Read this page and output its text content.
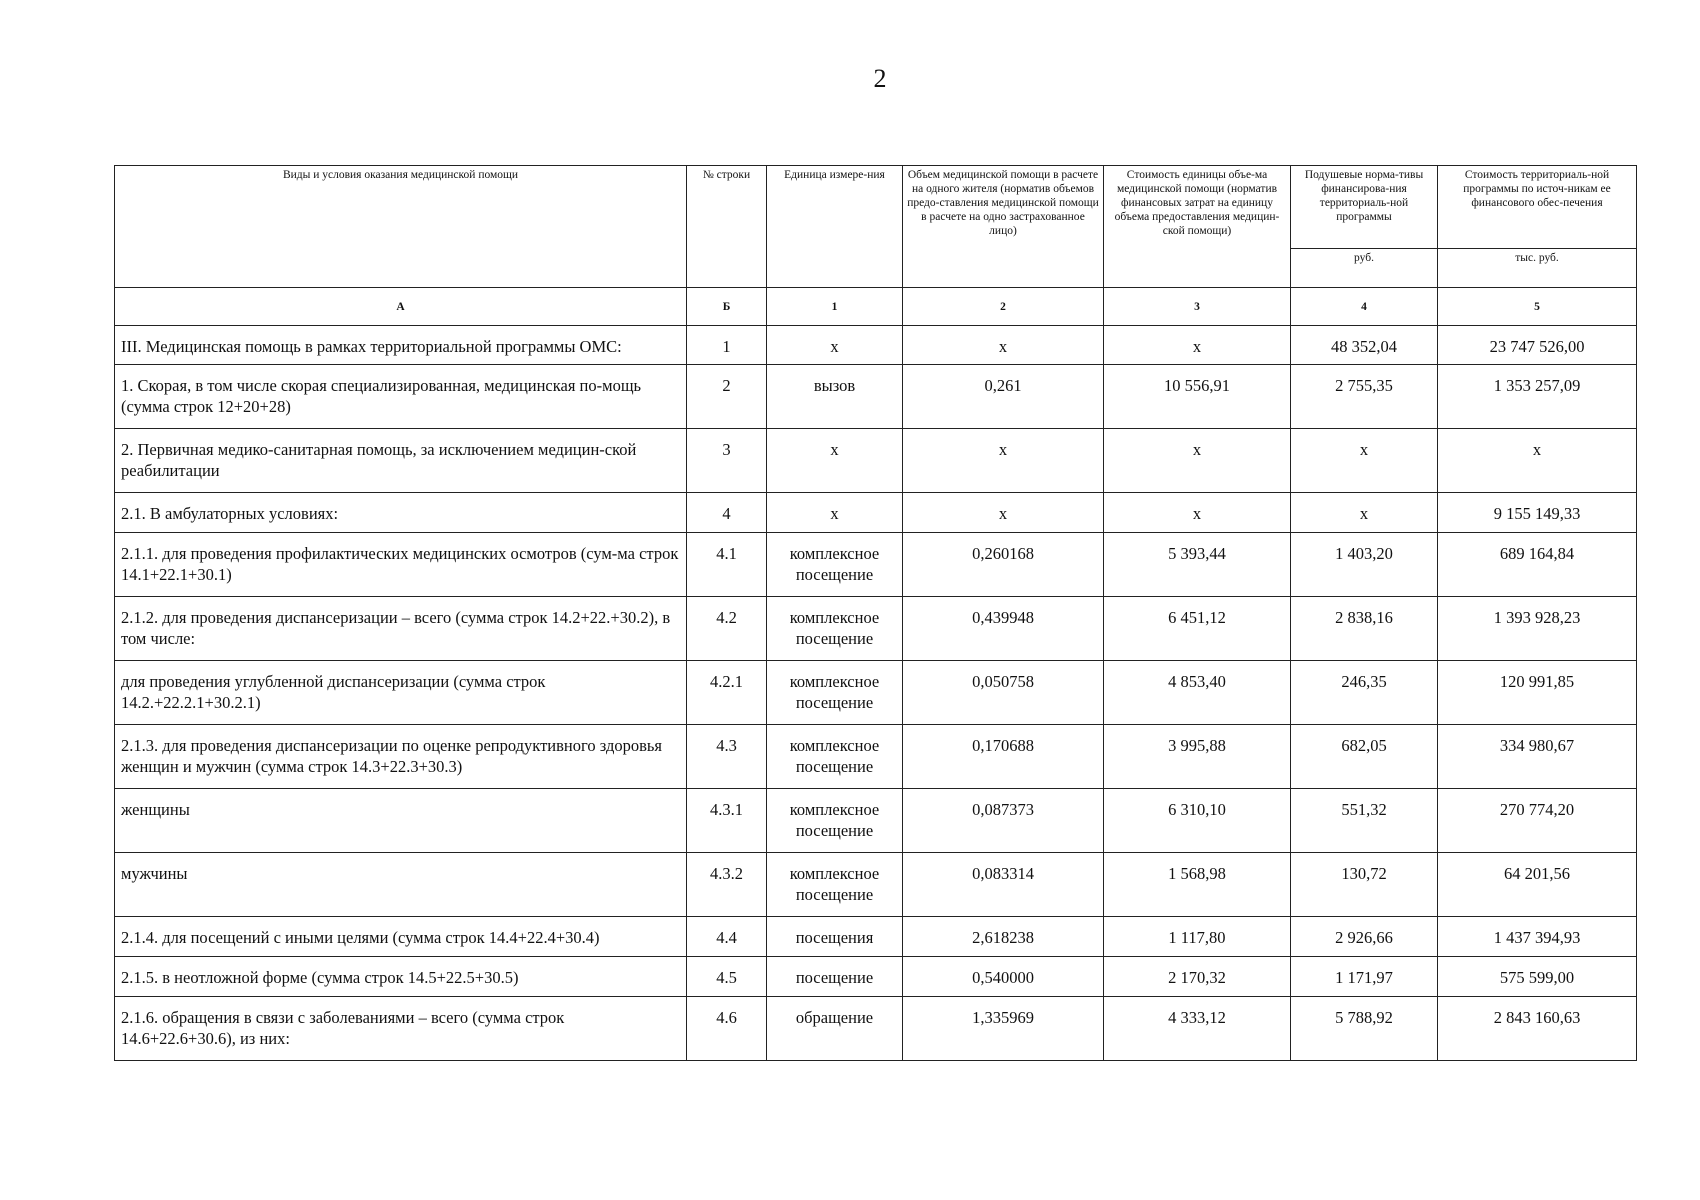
2
Виды и условия оказания медицинской помощи	№ строки	Единица измере-ния	Объем медицинской помощи в расчете на одного жителя (норматив объемов предо-ставления медицинской помощи в расчете на одно застрахованное лицо)	Стоимость единицы объе-ма медицинской помощи (норматив финансовых затрат на единицу объема предоставления медицин-ской помощи)	Подушевые норма-тивы финансирова-ния территориаль-ной программы	Стоимость территориаль-ной программы по источ-никам ее финансового обес-печения
					руб.	тыс. руб.
А	Б	1	2	3	4	5
III. Медицинская помощь в рамках территориальной программы ОМС:	1	х	х	х	48 352,04	23 747 526,00
1. Скорая, в том числе скорая специализированная, медицинская по-мощь (сумма строк 12+20+28)	2	вызов	0,261	10 556,91	2 755,35	1 353 257,09
2. Первичная медико-санитарная помощь, за исключением медицин-ской реабилитации	3	х	х	х	х	х
2.1. В амбулаторных условиях:	4	х	х	х	х	9 155 149,33
2.1.1. для проведения профилактических медицинских осмотров (сум-ма строк 14.1+22.1+30.1)	4.1	комплексное посещение	0,260168	5 393,44	1 403,20	689 164,84
2.1.2. для проведения диспансеризации – всего (сумма строк 14.2+22.+30.2), в том числе:	4.2	комплексное посещение	0,439948	6 451,12	2 838,16	1 393 928,23
для проведения углубленной диспансеризации (сумма строк 14.2.+22.2.1+30.2.1)	4.2.1	комплексное посещение	0,050758	4 853,40	246,35	120 991,85
2.1.3. для проведения диспансеризации по оценке репродуктивного здоровья женщин и мужчин (сумма строк 14.3+22.3+30.3)	4.3	комплексное посещение	0,170688	3 995,88	682,05	334 980,67
женщины	4.3.1	комплексное посещение	0,087373	6 310,10	551,32	270 774,20
мужчины	4.3.2	комплексное посещение	0,083314	1 568,98	130,72	64 201,56
2.1.4. для посещений с иными целями (сумма строк 14.4+22.4+30.4)	4.4	посещения	2,618238	1 117,80	2 926,66	1 437 394,93
2.1.5. в неотложной форме (сумма строк 14.5+22.5+30.5)	4.5	посещение	0,540000	2 170,32	1 171,97	575 599,00
2.1.6. обращения в связи с заболеваниями – всего (сумма строк 14.6+22.6+30.6), из них:	4.6	обращение	1,335969	4 333,12	5 788,92	2 843 160,63
